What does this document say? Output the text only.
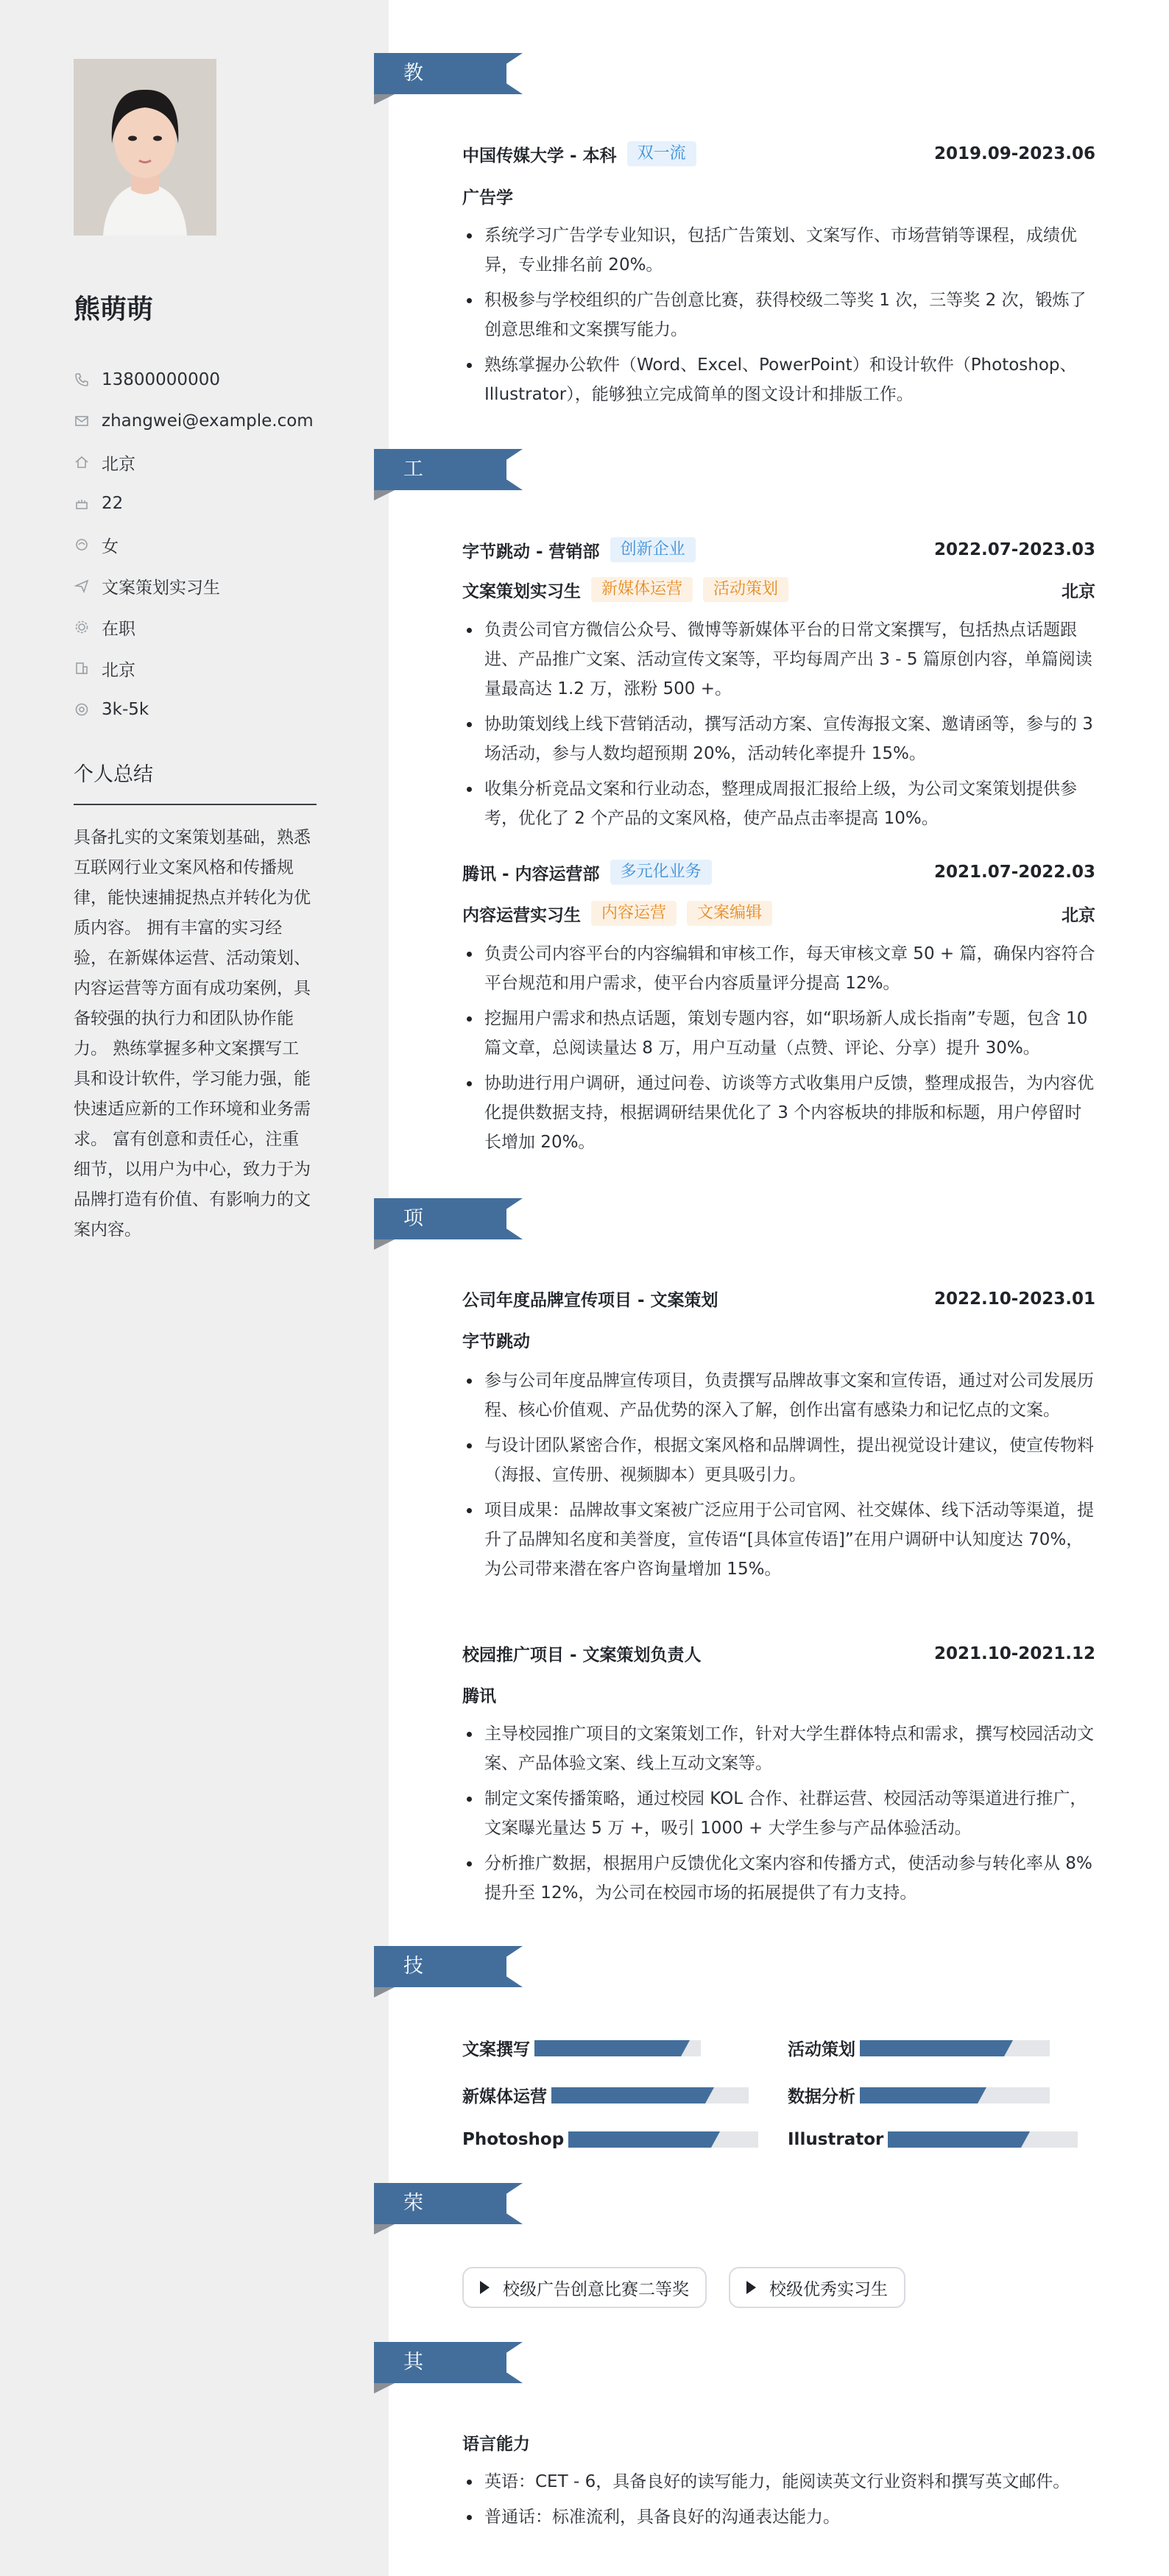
熊萌萌
13800000000
zhangwei@example.com
北京
22
女
文案策划实习生
在职
北京
3k-5k
个人总结
具备扎实的文案策划基础，熟悉互联网行业文案风格和传播规律，能快速捕捉热点并转化为优质内容。 拥有丰富的实习经验，在新媒体运营、活动策划、内容运营等方面有成功案例，具备较强的执行力和团队协作能力。 熟练掌握多种文案撰写工具和设计软件，学习能力强，能快速适应新的工作环境和业务需求。 富有创意和责任心，注重细节，以用户为中心，致力于为品牌打造有价值、有影响力的文案内容。
教育经历
中国传媒大学 - 本科	双一流	2019.09-2023.06
广告学
系统学习广告学专业知识，包括广告策划、文案写作、市场营销等课程，成绩优异，专业排名前 20%。
积极参与学校组织的广告创意比赛，获得校级二等奖 1 次，三等奖 2 次，锻炼了创意思维和文案撰写能力。
熟练掌握办公软件（Word、Excel、PowerPoint）和设计软件（Photoshop、Illustrator），能够独立完成简单的图文设计和排版工作。
工作经历
字节跳动 - 营销部	创新企业	2022.07-2023.03
文案策划实习生	新媒体运营	活动策划	北京
负责公司官方微信公众号、微博等新媒体平台的日常文案撰写，包括热点话题跟进、产品推广文案、活动宣传文案等，平均每周产出 3 - 5 篇原创内容，单篇阅读量最高达 1.2 万，涨粉 500 +。
协助策划线上线下营销活动，撰写活动方案、宣传海报文案、邀请函等，参与的 3 场活动，参与人数均超预期 20%，活动转化率提升 15%。
收集分析竞品文案和行业动态，整理成周报汇报给上级，为公司文案策划提供参考，优化了 2 个产品的文案风格，使产品点击率提高 10%。
腾讯 - 内容运营部	多元化业务	2021.07-2022.03
内容运营实习生	内容运营	文案编辑	北京
负责公司内容平台的内容编辑和审核工作，每天审核文章 50 + 篇，确保内容符合平台规范和用户需求，使平台内容质量评分提高 12%。
挖掘用户需求和热点话题，策划专题内容，如“职场新人成长指南”专题，包含 10 篇文章，总阅读量达 8 万，用户互动量（点赞、评论、分享）提升 30%。
协助进行用户调研，通过问卷、访谈等方式收集用户反馈，整理成报告，为内容优化提供数据支持，根据调研结果优化了 3 个内容板块的排版和标题，用户停留时长增加 20%。
项目经历
公司年度品牌宣传项目 - 文案策划	2022.10-2023.01
字节跳动
参与公司年度品牌宣传项目，负责撰写品牌故事文案和宣传语，通过对公司发展历程、核心价值观、产品优势的深入了解，创作出富有感染力和记忆点的文案。
与设计团队紧密合作，根据文案风格和品牌调性，提出视觉设计建议，使宣传物料（海报、宣传册、视频脚本）更具吸引力。
项目成果：品牌故事文案被广泛应用于公司官网、社交媒体、线下活动等渠道，提升了品牌知名度和美誉度，宣传语“[具体宣传语]”在用户调研中认知度达 70%，为公司带来潜在客户咨询量增加 15%。
校园推广项目 - 文案策划负责人	2021.10-2021.12
腾讯
主导校园推广项目的文案策划工作，针对大学生群体特点和需求，撰写校园活动文案、产品体验文案、线上互动文案等。
制定文案传播策略，通过校园 KOL 合作、社群运营、校园活动等渠道进行推广，文案曝光量达 5 万 +，吸引 1000 + 大学生参与产品体验活动。
分析推广数据，根据用户反馈优化文案内容和传播方式，使活动参与转化率从 8%提升至 12%，为公司在校园市场的拓展提供了有力支持。
技能专长
文案撰写	活动策划
新媒体运营	数据分析
Photoshop	Illustrator
荣誉奖项
校级广告创意比赛二等奖	校级优秀实习生
其他信息
语言能力
英语：CET - 6，具备良好的读写能力，能阅读英文行业资料和撰写英文邮件。
普通话：标准流利，具备良好的沟通表达能力。
